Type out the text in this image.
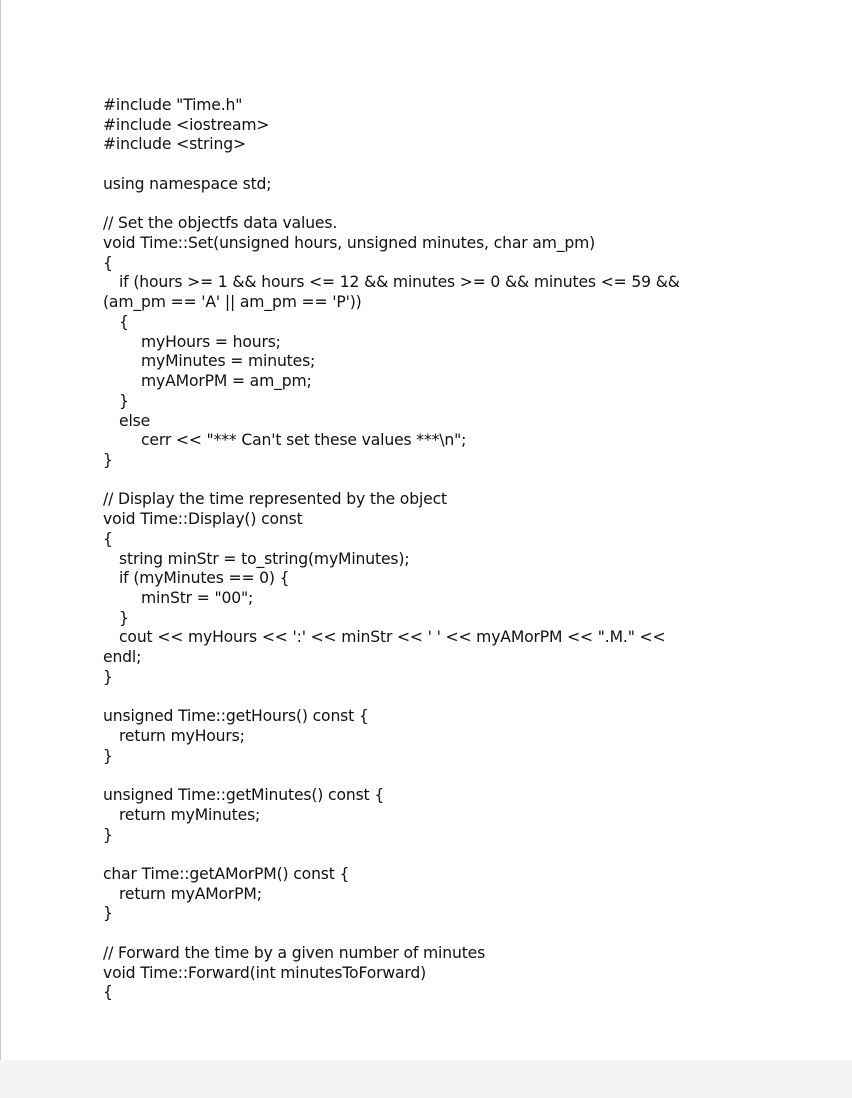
#include "Time.h"
#include <iostream>
#include <string>
using namespace std;
// Set the objectfs data values.
void Time::Set(unsigned hours, unsigned minutes, char am_pm)
{
if (hours >= 1 && hours <= 12 && minutes >= 0 && minutes <= 59 &&
(am_pm == 'A' || am_pm == 'P'))
{
myHours = hours;
myMinutes = minutes;
myAMorPM = am_pm;
}
else
cerr << "*** Can't set these values ***\n";
}
// Display the time represented by the object
void Time::Display() const
{
string minStr = to_string(myMinutes);
if (myMinutes == 0) {
minStr = "00";
}
cout << myHours << ':' << minStr << ' ' << myAMorPM << ".M." <<
endl;
}
unsigned Time::getHours() const {
return myHours;
}
unsigned Time::getMinutes() const {
return myMinutes;
}
char Time::getAMorPM() const {
return myAMorPM;
}
// Forward the time by a given number of minutes
void Time::Forward(int minutesToForward)
{
